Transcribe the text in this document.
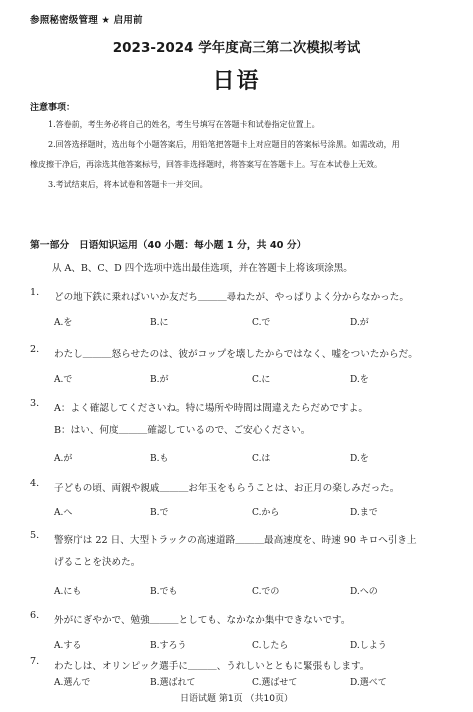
参照秘密级管理 ★ 启用前
2023-2024 学年度高三第二次模拟考试
日语
注意事项：
1.答卷前，考生务必将自己的姓名，考生号填写在答题卡和试卷指定位置上。
2.回答选择题时，选出每个小题答案后，用铅笔把答题卡上对应题目的答案标号涂黑。如需改动，用
橡皮擦干净后，再涂选其他答案标号，回答非选择题时，将答案写在答题卡上。写在本试卷上无效。
3.考试结束后，将本试卷和答题卡一并交回。
第一部分　日语知识运用（40 小题：每小题 1 分，共 40 分）
从 A、B、C、D 四个选项中选出最佳选项，并在答题卡上将该项涂黑。
1. どの地下鉄に乗ればいいか友だち＿＿＿尋ねたが、やっぱりよく分からなかった。
A.を	B.に	C.で	D.が
2. わたし＿＿＿怒らせたのは、彼がコップを壊したからではなく、嘘をついたからだ。
A.で	B.が	C.に	D.を
3. A：よく確認してくださいね。特に場所や時間は間違えたらだめですよ。
B：はい、何度＿＿＿確認しているので、ご安心ください。
A.が	B.も	C.は	D.を
4. 子どもの頃、両親や親戚＿＿＿お年玉をもらうことは、お正月の楽しみだった。
A.へ	B.で	C.から	D.まで
5. 警察庁は 22 日、大型トラックの高速道路＿＿＿最高速度を、時速 90 キロへ引き上
げることを決めた。
A.にも	B.でも	C.での	D.への
6. 外がにぎやかで、勉強＿＿＿としても、なかなか集中できないです。
A.する	B.すろう	C.したら	D.しよう
7. わたしは、オリンピック選手に＿＿＿、うれしいとともに緊張もします。
A.選んで	B.選ばれて	C.選ばせて	D.選べて
日语试题 第1页 （共10页）
